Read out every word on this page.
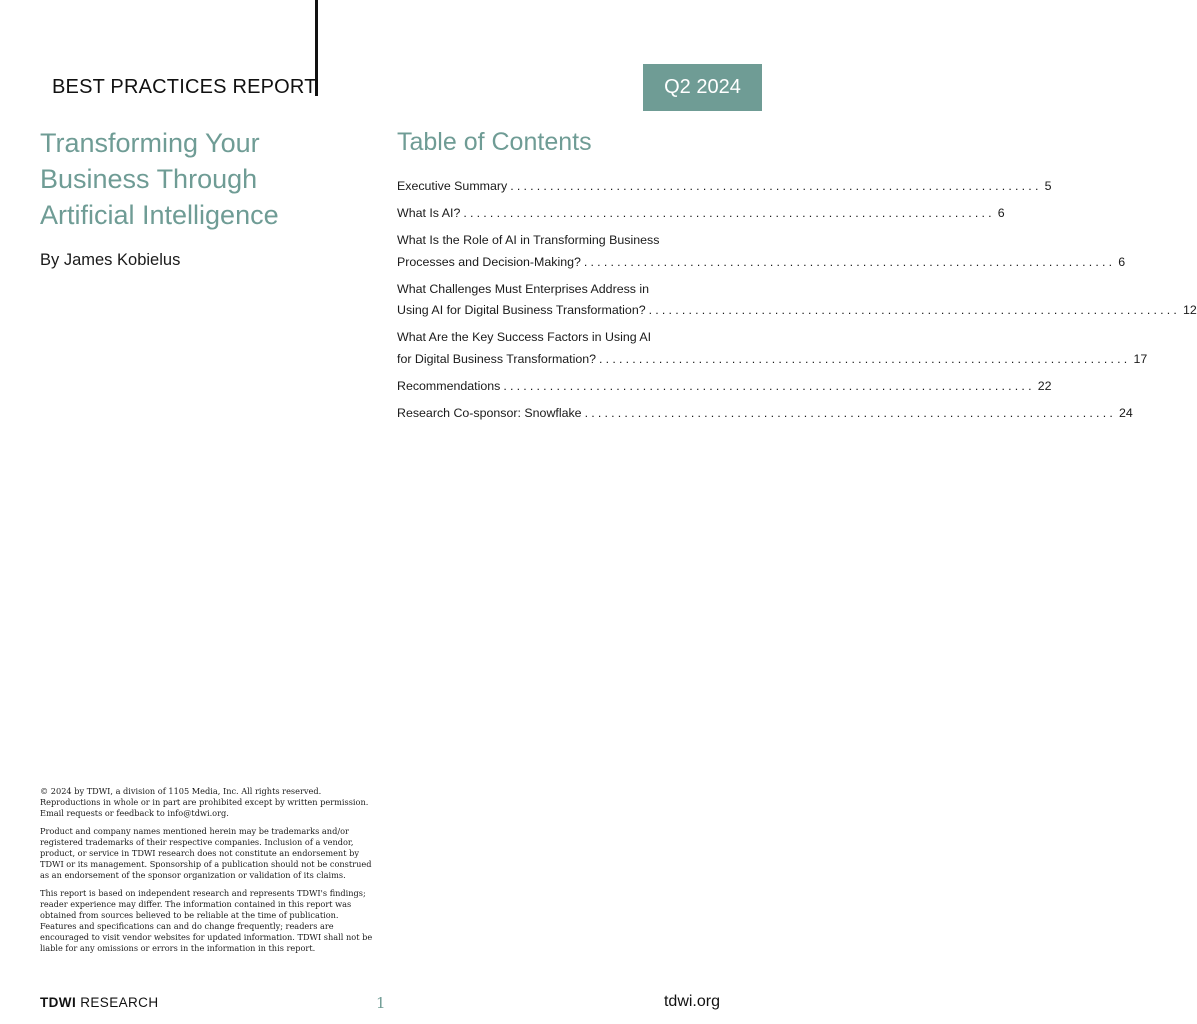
BEST PRACTICES REPORT	Q2 2024
Transforming Your
Business Through
Artificial Intelligence
By James Kobielus
Table of Contents
Executive Summary ................................................................................ 5
What Is AI? ................................................................................ 6
What Is the Role of AI in Transforming Business
Processes and Decision-Making? ................................................................................ 6
What Challenges Must Enterprises Address in
Using AI for Digital Business Transformation? ................................................................................ 12
What Are the Key Success Factors in Using AI
for Digital Business Transformation? ................................................................................ 17
Recommendations ................................................................................ 22
Research Co-sponsor: Snowflake ................................................................................ 24

© 2024 by TDWI, a division of 1105 Media, Inc. All rights reserved. Reproductions in whole or in part are prohibited except by written permission. Email requests or feedback to info@tdwi.org.

Product and company names mentioned herein may be trademarks and/or registered trademarks of their respective companies. Inclusion of a vendor, product, or service in TDWI research does not constitute an endorsement by TDWI or its management. Sponsorship of a publication should not be construed as an endorsement of the sponsor organization or validation of its claims.

This report is based on independent research and represents TDWI's findings; reader experience may differ. The information contained in this report was obtained from sources believed to be reliable at the time of publication. Features and specifications can and do change frequently; readers are encouraged to visit vendor websites for updated information. TDWI shall not be liable for any omissions or errors in the information in this report.

TDWI RESEARCH	1	tdwi.org
